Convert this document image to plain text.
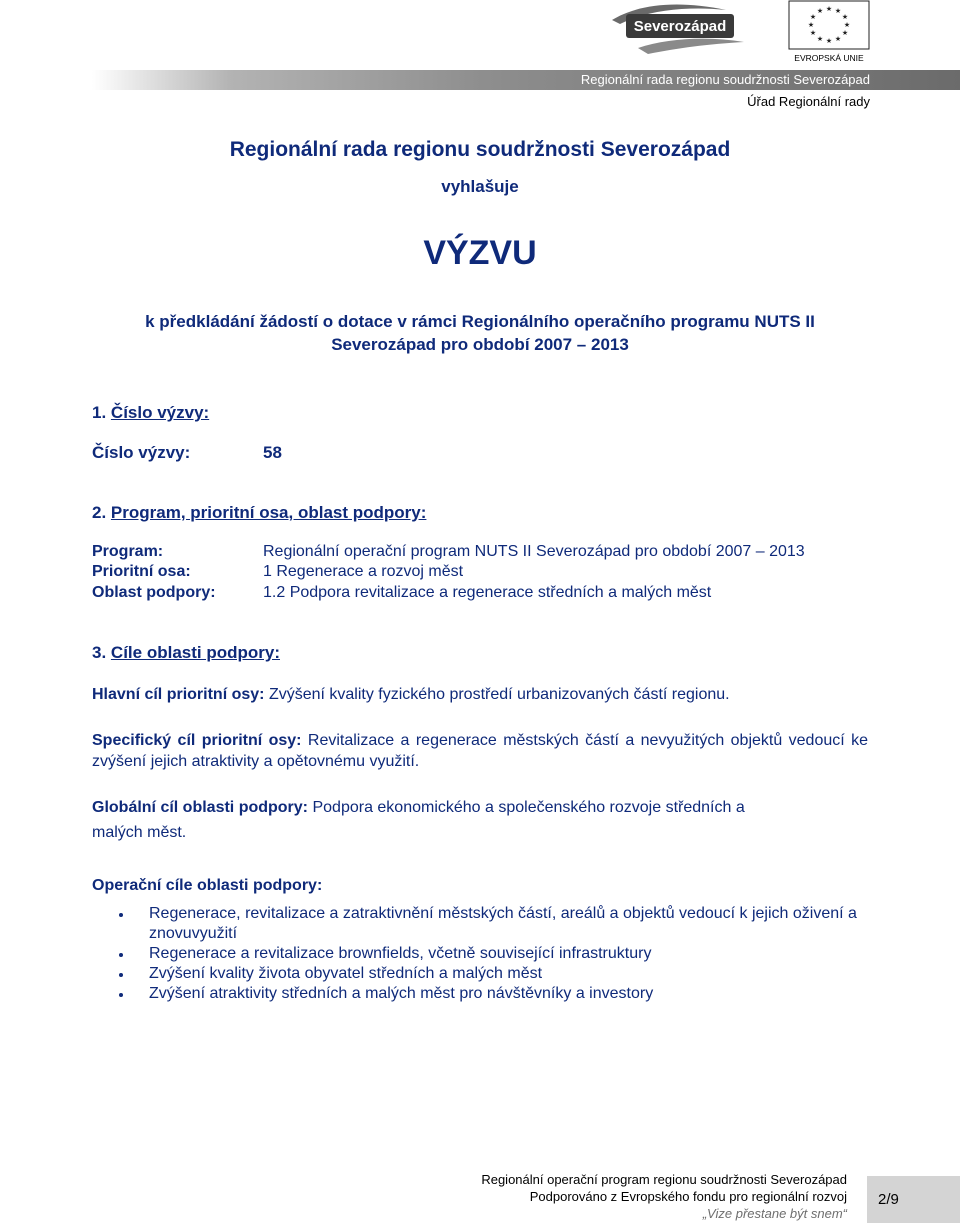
Severozápad
★ ★
★
★
★
★
★
★
★
★
★
★
EVROPSKÁ UNIE
Regionální rada regionu soudržnosti Severozápad
Úřad Regionální rady
Regionální rada regionu soudržnosti Severozápad
vyhlašuje
VÝZVU
k předkládání žádostí o dotace v rámci Regionálního operačního programu NUTS II
Severozápad pro období 2007 – 2013
1. Číslo výzvy:
Číslo výzvy:	58
2. Program, prioritní osa, oblast podpory:
Program:	Regionální operační program NUTS II Severozápad pro období 2007 – 2013
Prioritní osa:	1 Regenerace a rozvoj měst
Oblast podpory:	1.2 Podpora revitalizace a regenerace středních a malých měst
3. Cíle oblasti podpory:
Hlavní cíl prioritní osy: Zvýšení kvality fyzického prostředí urbanizovaných částí regionu.
Specifický cíl prioritní osy: Revitalizace a regenerace městských částí a nevyužitých objektů vedoucí ke zvýšení jejich atraktivity a opětovnému využití.
Globální cíl oblasti podpory: Podpora ekonomického a společenského rozvoje středních a
malých měst.
Operační cíle oblasti podpory:
Regenerace, revitalizace a zatraktivnění městských částí, areálů a objektů vedoucí k jejich oživení a znovuvyužití
Regenerace a revitalizace brownfields, včetně související infrastruktury
Zvýšení kvality života obyvatel středních a malých měst
Zvýšení atraktivity středních a malých měst pro návštěvníky a investory
Regionální operační program regionu soudržnosti Severozápad
Podporováno z Evropského fondu pro regionální rozvoj
„Vize přestane být snem“
2/9
